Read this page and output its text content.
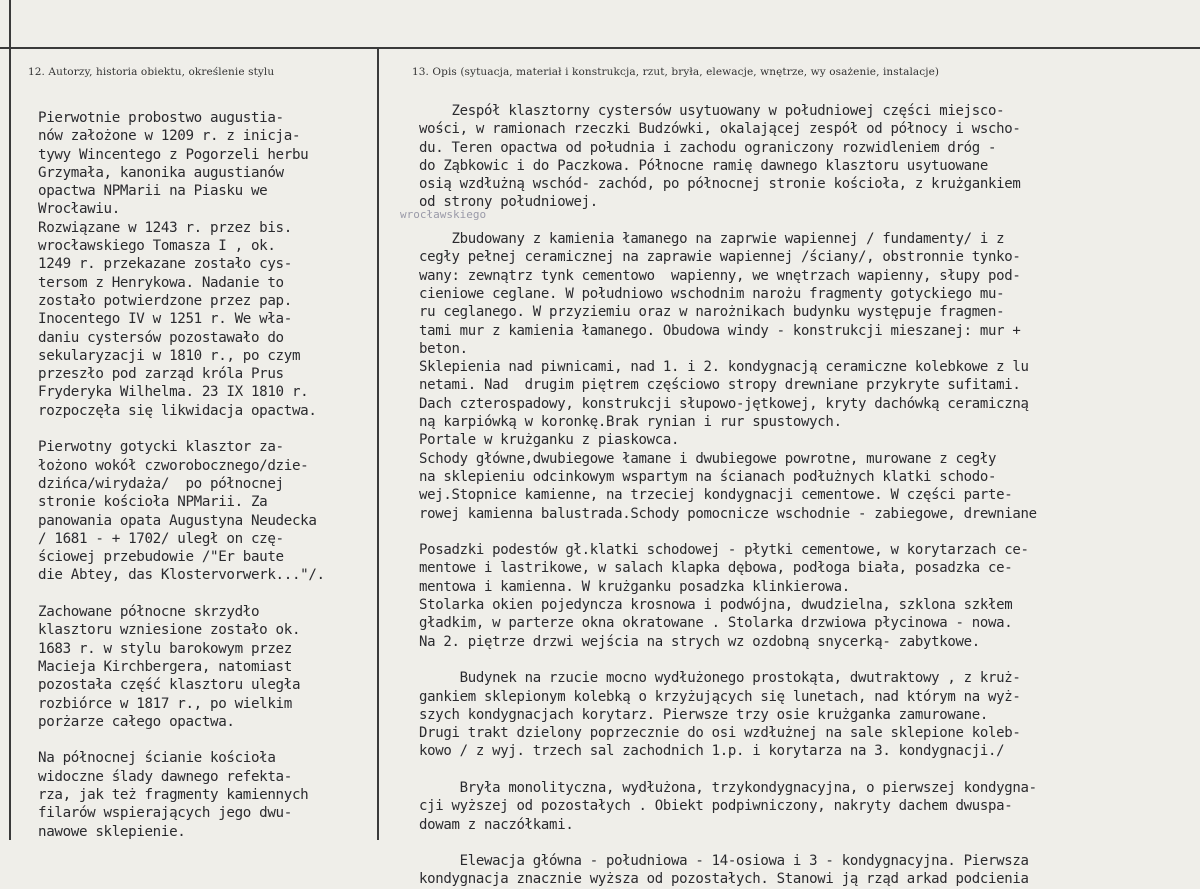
12. Autorzy, historia obiektu, określenie stylu	13. Opis (sytuacja, materiał i konstrukcja, rzut, bryła, elewacje, wnętrze, wy osażenie, instalacje)
wrocławskiego
Pierwotnie probostwo augustia-
nów założone w 1209 r. z inicja-
tywy Wincentego z Pogorzeli herbu
Grzymała, kanonika augustianów
opactwa NPMarii na Piasku we
Wrocławiu.
Rozwiązane w 1243 r. przez bis.
wrocławskiego Tomasza I , ok.
1249 r. przekazane zostało cys-
tersom z Henrykowa. Nadanie to
zostało potwierdzone przez pap.
Inocentego IV w 1251 r. We wła-
daniu cystersów pozostawało do
sekularyzacji w 1810 r., po czym
przeszło pod zarząd króla Prus
Fryderyka Wilhelma. 23 IX 1810 r.
rozpoczęła się likwidacja opactwa.
Pierwotny gotycki klasztor za-
łożono wokół czworobocznego/dzie-
dzińca/wirydaża/  po północnej
stronie kościoła NPMarii. Za
panowania opata Augustyna Neudecka
/ 1681 - + 1702/ uległ on czę-
ściowej przebudowie /"Er baute
die Abtey, das Klostervorwerk..."/.
Zachowane północne skrzydło
klasztoru wzniesione zostało ok.
1683 r. w stylu barokowym przez
Macieja Kirchbergera, natomiast
pozostała część klasztoru uległa
rozbiórce w 1817 r., po wielkim
porżarze całego opactwa.
Na północnej ścianie kościoła
widoczne ślady dawnego refekta-
rza, jak też fragmenty kamiennych
filarów wspierających jego dwu-
nawowe sklepienie.
Zespół klasztorny cystersów usytuowany w południowej części miejsco-
wości, w ramionach rzeczki Budzówki, okalającej zespół od północy i wscho-
du. Teren opactwa od południa i zachodu ograniczony rozwidleniem dróg -
do Ząbkowic i do Paczkowa. Północne ramię dawnego klasztoru usytuowane
osią wzdłużną wschód- zachód, po północnej stronie kościoła, z krużgankiem
od strony południowej.
Zbudowany z kamienia łamanego na zaprwie wapiennej / fundamenty/ i z
cegły pełnej ceramicznej na zaprawie wapiennej /ściany/, obstronnie tynko-
wany: zewnątrz tynk cementowo  wapienny, we wnętrzach wapienny, słupy pod-
cieniowe ceglane. W południowo wschodnim narożu fragmenty gotyckiego mu-
ru ceglanego. W przyziemiu oraz w narożnikach budynku występuje fragmen-
tami mur z kamienia łamanego. Obudowa windy - konstrukcji mieszanej: mur +
beton.
Sklepienia nad piwnicami, nad 1. i 2. kondygnacją ceramiczne kolebkowe z lu
netami. Nad  drugim piętrem częściowo stropy drewniane przykryte sufitami.
Dach czterospadowy, konstrukcji słupowo-jętkowej, kryty dachówką ceramiczną
ną karpiówką w koronkę.Brak rynian i rur spustowych.
Portale w krużganku z piaskowca.
Schody główne,dwubiegowe łamane i dwubiegowe powrotne, murowane z cegły
na sklepieniu odcinkowym wspartym na ścianach podłużnych klatki schodo-
wej.Stopnice kamienne, na trzeciej kondygnacji cementowe. W części parte-
rowej kamienna balustrada.Schody pomocnicze wschodnie - zabiegowe, drewniane
Posadzki podestów gł.klatki schodowej - płytki cementowe, w korytarzach ce-
mentowe i lastrikowe, w salach klapka dębowa, podłoga biała, posadzka ce-
mentowa i kamienna. W krużganku posadzka klinkierowa.
Stolarka okien pojedyncza krosnowa i podwójna, dwudzielna, szklona szkłem
gładkim, w parterze okna okratowane . Stolarka drzwiowa płycinowa - nowa.
Na 2. piętrze drzwi wejścia na strych wz ozdobną snycerką- zabytkowe.
Budynek na rzucie mocno wydłużonego prostokąta, dwutraktowy , z kruż-
gankiem sklepionym kolebką o krzyżujących się lunetach, nad którym na wyż-
szych kondygnacjach korytarz. Pierwsze trzy osie krużganka zamurowane.
Drugi trakt dzielony poprzecznie do osi wzdłużnej na sale sklepione koleb-
kowo / z wyj. trzech sal zachodnich 1.p. i korytarza na 3. kondygnacji./
Bryła monolityczna, wydłużona, trzykondygnacyjna, o pierwszej kondygna-
cji wyższej od pozostałych . Obiekt podpiwniczony, nakryty dachem dwuspa-
dowam z naczółkami.
Elewacja główna - południowa - 14-osiowa i 3 - kondygnacyjna. Pierwsza
kondygnacja znacznie wyższa od pozostałych. Stanowi ją rząd arkad podcienia
